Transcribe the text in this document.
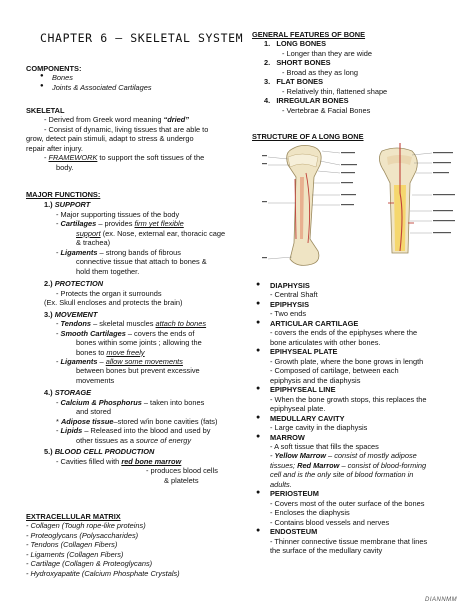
CHAPTER 6 – SKELETAL SYSTEM
COMPONENTS:
● Bones
● Joints & Associated Cartilages
SKELETAL
- Derived from Greek word meaning “dried”
- Consist of dynamic, living tissues that are able to
grow, detect pain stimuli, adapt to stress & undergo
repair after injury.
- FRAMEWORK to support the soft tissues of the
body.
MAJOR FUNCTIONS:
1.) SUPPORT
- Major supporting tissues of the body
- Cartilages – provides firm yet flexible
support (ex. Nose, external ear, thoracic cage
& trachea)
- Ligaments – strong bands of fibrous
connective tissue that attach to bones &
hold them together.
2.) PROTECTION
- Protects the organ it surrounds
(Ex. Skull encloses and protects the brain)
3.) MOVEMENT
- Tendons – skeletal muscles attach to bones
- Smooth Cartilages – covers the ends of
bones within some joints ; allowing the
bones to move freely
- Ligaments – allow some movements
between bones but prevent excessive
movements
4.) STORAGE
- Calcium & Phosphorus – taken into bones
and stored
* Adipose tissue–stored w/in bone cavities (fats)
- Lipids – Released into the blood and used by
other tissues as a source of energy
5.) BLOOD CELL PRODUCTION
- Cavities filled with red bone marrow
- produces blood cells
& platelets
EXTRACELLULAR MATRIX
- Collagen (Tough rope-like proteins)
- Proteoglycans (Polysaccharides)
- Tendons (Collagen Fibers)
- Ligaments (Collagen Fibers)
- Cartilage (Collagen & Proteoglycans)
- Hydroxyapatite (Calcium Phosphate Crystals)
GENERAL FEATURES OF BONE
1. LONG BONES
- Longer than they are wide
2. SHORT BONES
- Broad as they as long
3. FLAT BONES
- Relatively thin, flattened shape
4. IRREGULAR BONES
- Vertebrae & Facial Bones
STRUCTURE OF A LONG BONE
● DIAPHYSIS
- Central Shaft
● EPIPHYSIS
- Two ends
● ARTICULAR CARTILAGE
- covers the ends of the epiphyses where the
bone articulates with other bones.
● EPIHYSEAL PLATE
- Growth plate, where the bone grows in length
- Composed of cartilage, between each
epiphysis and the diaphysis
● EPIPHYSEAL LINE
- When the bone growth stops, this replaces the
epiphyseal plate.
● MEDULLARY CAVITY
- Large cavity in the diaphysis
● MARROW
- A soft tissue that fills the spaces
- Yellow Marrow – consist of mostly adipose
tissues; Red Marrow – consist of blood-forming
cell and is the only site of blood formation in
adults.
● PERIOSTEUM
- Covers most of the outer surface of the bones
- Encloses the diaphysis
- Contains blood vessels and nerves
● ENDOSTEUM
- Thinner connective tissue membrane that lines
the surface of the medullary cavity
DIANNMM
